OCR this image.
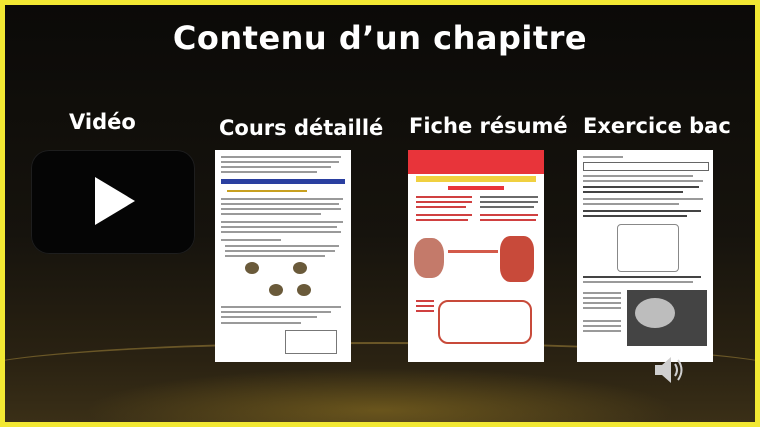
Contenu d’un chapitre
Vidéo	Cours détaillé Fiche résumé Exercice bac
